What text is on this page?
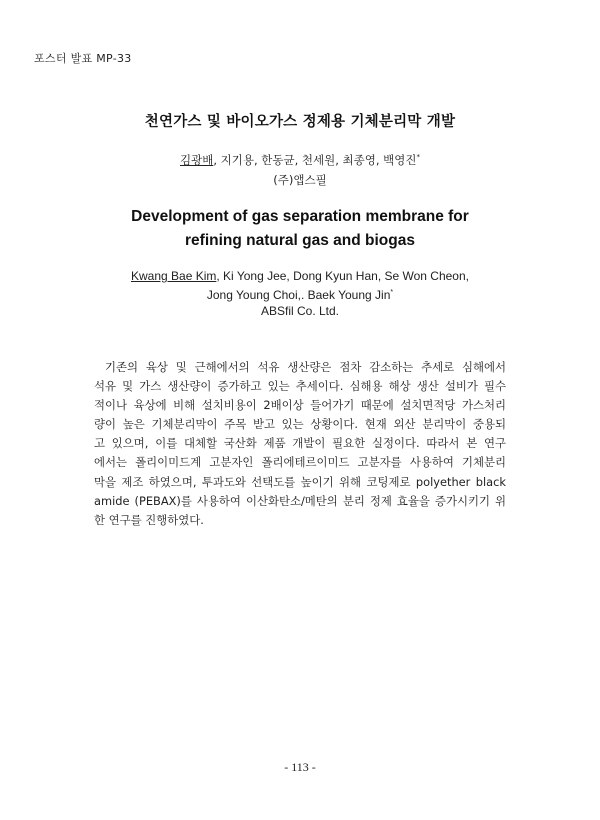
포스터 발표 MP-33
천연가스 및 바이오가스 정제용 기체분리막 개발
김광배, 지기용, 한동균, 천세원, 최종영, 백영진*
(주)앱스필
Development of gas separation membrane for
refining natural gas and biogas
Kwang Bae Kim, Ki Yong Jee, Dong Kyun Han, Se Won Cheon,
Jong Young Choi,. Baek Young Jin*
ABSfil Co. Ltd.

기존의 육상 및 근해에서의 석유 생산량은 점차 감소하는 추세로 심해에서
석유 및 가스 생산량이 증가하고 있는 추세이다. 심해용 해상 생산 설비가 필수
적이나 육상에 비해 설치비용이 2배이상 들어가기 때문에 설치면적당 가스처리
량이 높은 기체분리막이 주목 받고 있는 상황이다. 현재 외산 분리막이 중용되
고 있으며, 이를 대체할 국산화 제품 개발이 필요한 실정이다. 따라서 본 연구
에서는 폴리이미드계 고분자인 폴리에테르이미드 고분자를 사용하여 기체분리
막을 제조 하였으며, 투과도와 선택도를 높이기 위해 코팅제로 polyether black
amide (PEBAX)를 사용하여 이산화탄소/메탄의 분리 정제 효율을 증가시키기 위
한 연구를 진행하였다.

- 113 -
